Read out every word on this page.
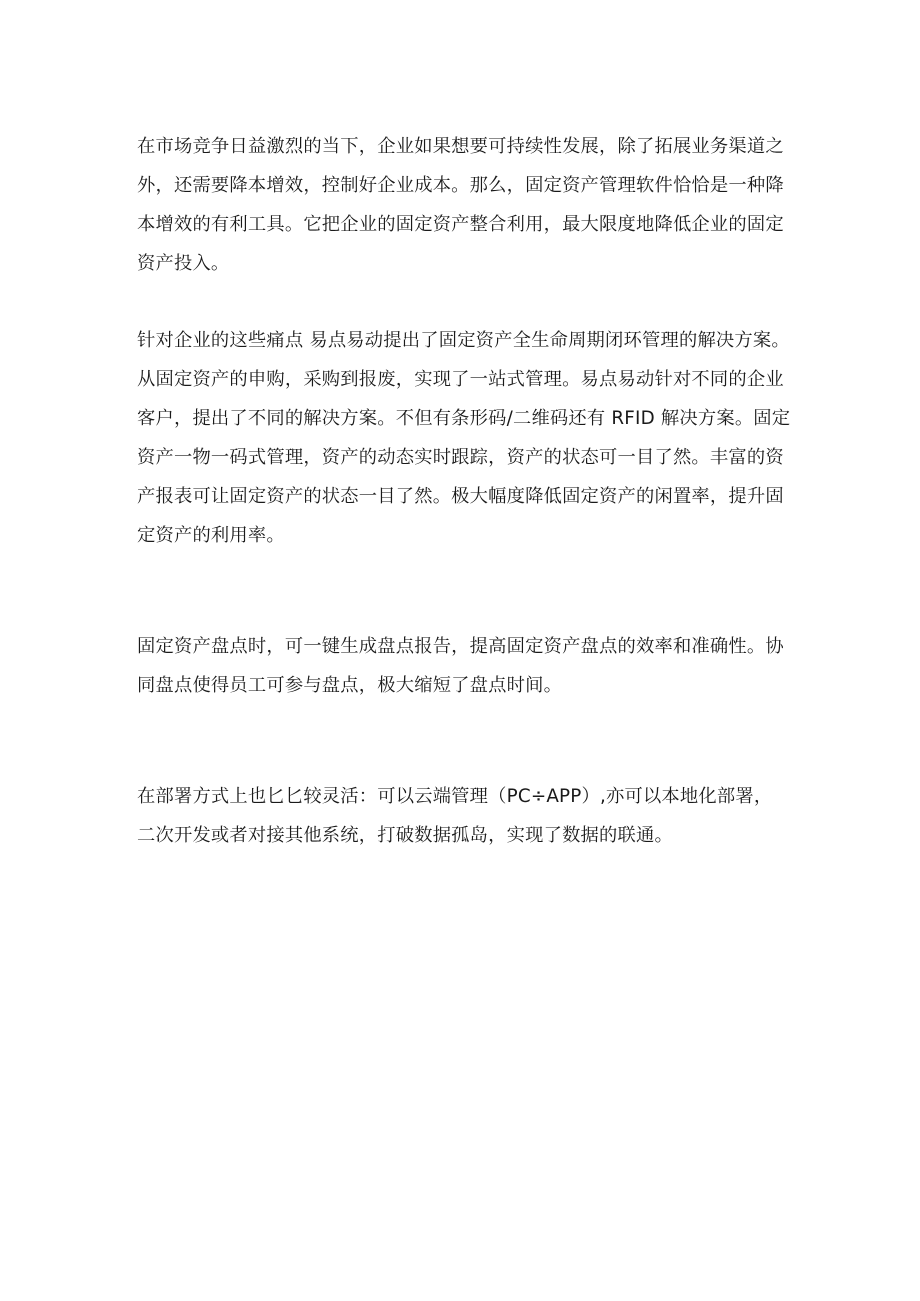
在市场竞争日益激烈的当下，企业如果想要可持续性发展，除了拓展业务渠道之
外，还需要降本增效，控制好企业成本。那么，固定资产管理软件恰恰是一种降
本增效的有利工具。它把企业的固定资产整合利用，最大限度地降低企业的固定
资产投入。

针对企业的这些痛点 易点易动提出了固定资产全生命周期闭环管理的解决方案。
从固定资产的申购，采购到报废，实现了一站式管理。易点易动针对不同的企业
客户，提出了不同的解决方案。不但有条形码/二维码还有 RFID 解决方案。固定
资产一物一码式管理，资产的动态实时跟踪，资产的状态可一目了然。丰富的资
产报表可让固定资产的状态一目了然。极大幅度降低固定资产的闲置率，提升固
定资产的利用率。

固定资产盘点时，可一键生成盘点报告，提高固定资产盘点的效率和准确性。协
同盘点使得员工可参与盘点，极大缩短了盘点时间。

在部署方式上也匕匕较灵活：可以云端管理（PC÷APP）,亦可以本地化部署，
二次开发或者对接其他系统，打破数据孤岛，实现了数据的联通。
